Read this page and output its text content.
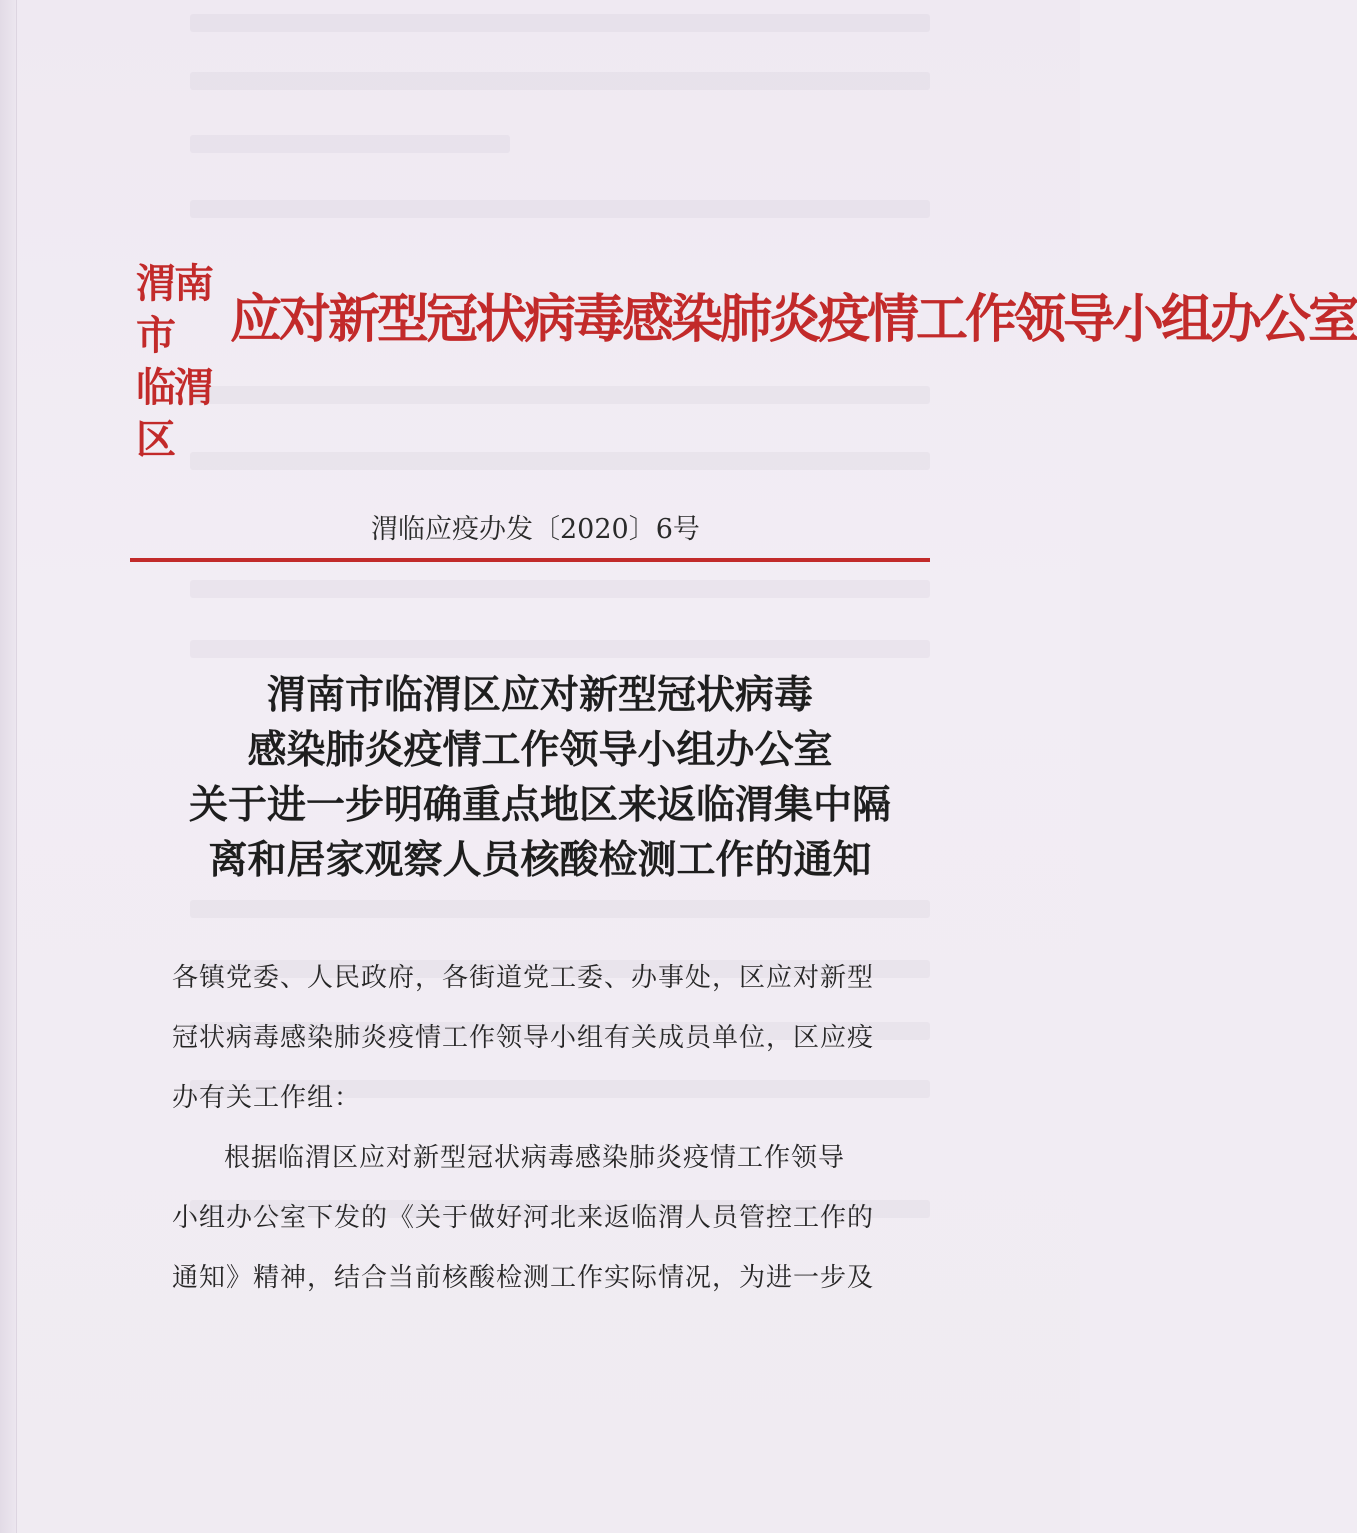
渭南市
临渭区
应对新型冠状病毒感染肺炎疫情工作领导小组办公室
渭临应疫办发〔2020〕6号
渭南市临渭区应对新型冠状病毒
感染肺炎疫情工作领导小组办公室
关于进一步明确重点地区来返临渭集中隔
离和居家观察人员核酸检测工作的通知

各镇党委、人民政府，各街道党工委、办事处，区应对新型

冠状病毒感染肺炎疫情工作领导小组有关成员单位，区应疫

办有关工作组：

根据临渭区应对新型冠状病毒感染肺炎疫情工作领导

小组办公室下发的《关于做好河北来返临渭人员管控工作的

通知》精神，结合当前核酸检测工作实际情况，为进一步及
